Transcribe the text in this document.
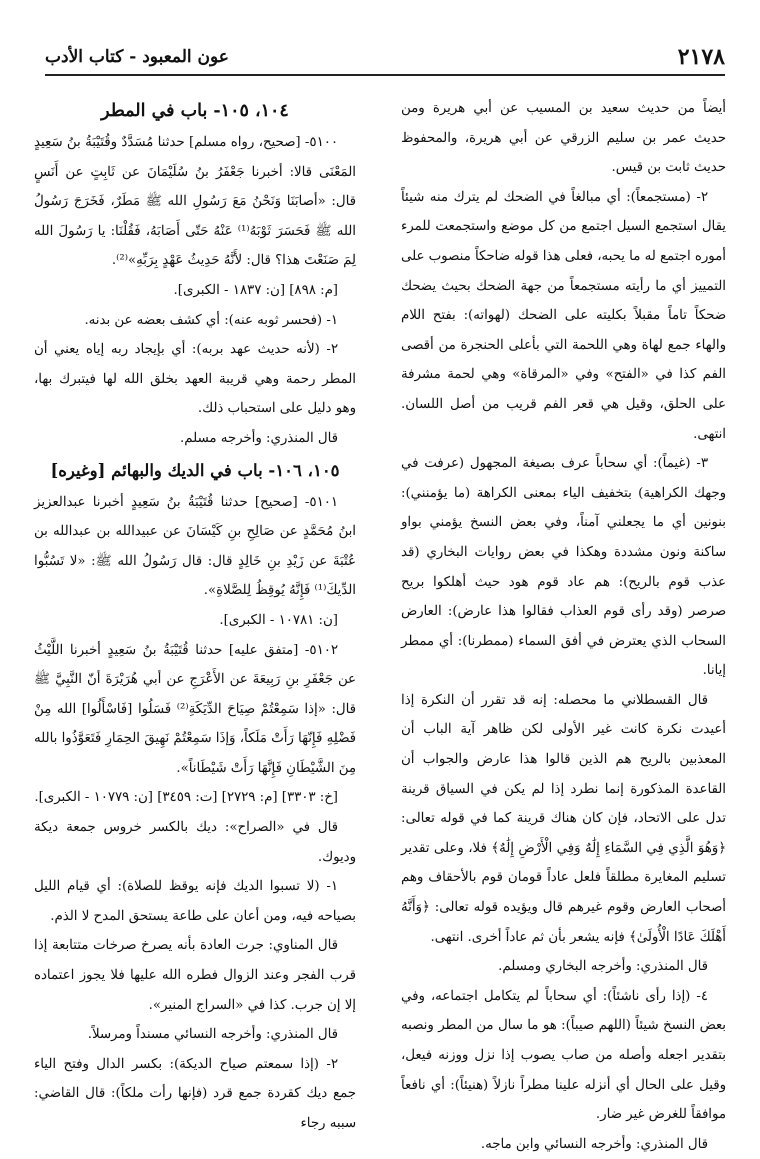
٢١٧٨
عون المعبود - كتاب الأدب

أيضاً من حديث سعيد بن المسيب عن أبي هريرة ومن حديث عمر بن سليم الزرقي عن أبي هريرة، والمحفوظ حديث ثابت بن قيس.

٢- (مستجمعاً): أي مبالغاً في الضحك لم يترك منه شيئاً يقال استجمع السيل اجتمع من كل موضع واستجمعت للمرء أموره اجتمع له ما يحبه، فعلى هذا قوله ضاحكاً منصوب على التمييز أي ما رأيته مستجمعاً من جهة الضحك بحيث يضحك ضحكاً تاماً مقبلاً بكليته على الضحك (لهواته): بفتح اللام والهاء جمع لهاة وهي اللحمة التي بأعلى الحنجرة من أقصى الفم كذا في «الفتح» وفي «المرقاة» وهي لحمة مشرفة على الحلق، وقيل هي قعر الفم قريب من أصل اللسان. انتهى.

٣- (غيماً): أي سحاباً عرف بصيغة المجهول (عرفت في وجهك الكراهية) بتخفيف الياء بمعنى الكراهة (ما يؤمنني): بنونين أي ما يجعلني آمناً، وفي بعض النسخ يؤمني بواو ساكنة ونون مشددة وهكذا في بعض روايات البخاري (قد عذب قوم بالريح): هم عاد قوم هود حيث أهلكوا بريح صرصر (وقد رأى قوم العذاب فقالوا هذا عارض): العارض السحاب الذي يعترض في أفق السماء (ممطرنا): أي ممطر إيانا.

قال القسطلاني ما محصله: إنه قد تقرر أن النكرة إذا أعيدت نكرة كانت غير الأولى لكن ظاهر آية الباب أن المعذبين بالريح هم الذين قالوا هذا عارض والجواب أن القاعدة المذكورة إنما نطرد إذا لم يكن في السياق قرينة تدل على الاتحاد، فإن كان هناك قرينة كما في قوله تعالى: ﴿وَهُوَ الَّذِي فِي السَّمَاءِ إِلَٰهٌ وَفِي الْأَرْضِ إِلَٰهٌ﴾ فلا، وعلى تقدير تسليم المغايرة مطلقاً فلعل عاداً قومان قوم بالأحقاف وهم أصحاب العارض وقوم غيرهم قال ويؤيده قوله تعالى: ﴿وَأَنَّهُ أَهْلَكَ عَادًا الْأُولَىٰ﴾ فإنه يشعر بأن ثم عاداً أخرى. انتهى.

قال المنذري: وأخرجه البخاري ومسلم.

٤- (إذا رأى ناشئاً): أي سحاباً لم يتكامل اجتماعه، وفي بعض النسخ شيئاً (اللهم صيباً): هو ما سال من المطر ونصبه بتقدير اجعله وأصله من صاب يصوب إذا نزل ووزنه فيعل، وقيل على الحال أي أنزله علينا مطراً نازلاً (هنيئاً): أي نافعاً موافقاً للغرض غير ضار.

قال المنذري: وأخرجه النسائي وابن ماجه.

١٠٤، ١٠٥- باب في المطر

٥١٠٠- [صحيح، رواه مسلم] حدثنا مُسَدَّدٌ وقُتَيْبَةُ بنُ سَعِيدٍ المَعْنَى قالا: أخبرنا جَعْفَرُ بنُ سُلَيْمَانَ عن ثَابِتٍ عن أَنَسٍ قال: «أصابَنَا وَنَحْنُ مَعَ رَسُولِ الله ﷺ مَطَرٌ، فَخَرَجَ رَسُولُ الله ﷺ فَحَسَرَ ثَوْبَهُ⁽¹⁾ عَنْهُ حَتّى أَصَابَهُ، فَقُلْنَا: يا رَسُولَ الله لِمَ صَنَعْتَ هذا؟ قال: لأَنَّهُ حَدِيثُ عَهْدٍ بِرَبِّهِ»⁽²⁾.

[م: ٨٩٨] [ن: ١٨٣٧ - الكبرى].

١- (فحسر ثوبه عنه): أي كشف بعضه عن بدنه.

٢- (لأنه حديث عهد بربه): أي بإيجاد ربه إياه يعني أن المطر رحمة وهي قريبة العهد بخلق الله لها فيتبرك بها، وهو دليل على استحباب ذلك.

قال المنذري: وأخرجه مسلم.

١٠٥، ١٠٦- باب في الديك والبهائم [وغيره]

٥١٠١- [صحيح] حدثنا قُتَيْبَةُ بنُ سَعِيدٍ أخبرنا عبدالعزيز ابنُ مُحَمَّدٍ عن صَالِحِ بنِ كَيْسَانَ عن عبيدالله بن عبدالله بن عُتْبَةَ عن زَيْدِ بنِ خَالِدٍ قال: قال رَسُولُ الله ﷺ: «لا تَسُبُّوا الدِّيكَ⁽¹⁾ فَإِنَّهُ يُوقِظُ لِلصَّلاةِ».

[ن: ١٠٧٨١ - الكبرى].

٥١٠٢- [متفق عليه] حدثنا قُتَيْبَةُ بنُ سَعِيدٍ أخبرنا اللَّيْثُ عن جَعْفَرِ بنِ رَبِيعَةَ عن الأَعْرَجِ عن أبي هُرَيْرَةَ أنّ النَّبِيَّ ﷺ قال: «إذا سَمِعْتُمْ صِيَاحَ الدِّيَكَةِ⁽²⁾ فَسَلُوا [فَاسْأَلُوا] الله مِنْ فَضْلِهِ فَإِنّهَا رَأَتْ مَلَكاً، وَإذَا سَمِعْتُمْ نَهِيقَ الحِمَارِ فَتَعَوَّذُوا بالله مِنَ الشَّيْطَانِ فَإِنَّهَا رَأَتْ شَيْطَاناً».

[خ: ٣٣٠٣] [م: ٢٧٢٩] [ت: ٣٤٥٩] [ن: ١٠٧٧٩ - الكبرى].

قال في «الصراح»: ديك بالكسر خروس جمعة ديكة وديوك.

١- (لا تسبوا الديك فإنه يوقظ للصلاة): أي قيام الليل بصياحه فيه، ومن أعان على طاعة يستحق المدح لا الذم.

قال المناوي: جرت العادة بأنه يصرخ صرخات متتابعة إذا قرب الفجر وعند الزوال فطره الله عليها فلا يجوز اعتماده إلا إن جرب. كذا في «السراج المنير».

قال المنذري: وأخرجه النسائي مسنداً ومرسلاً.

٢- (إذا سمعتم صياح الديكة): بكسر الدال وفتح الياء جمع ديك كقردة جمع قرد (فإنها رأت ملكاً): قال القاضي: سببه رجاء
